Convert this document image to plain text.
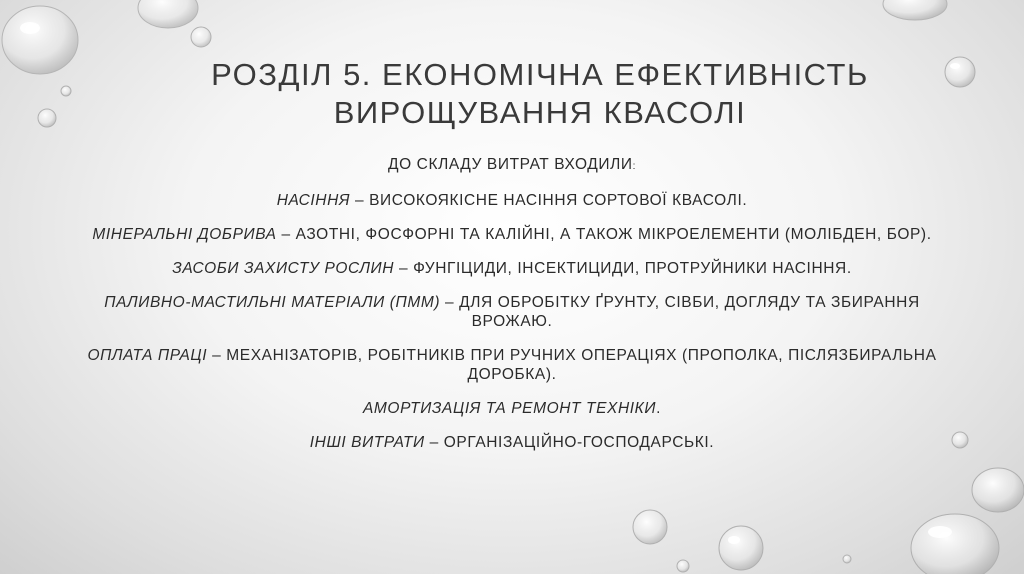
РОЗДІЛ 5. ЕКОНОМІЧНА ЕФЕКТИВНІСТЬ
ВИРОЩУВАННЯ КВАСОЛІ

ДО СКЛАДУ ВИТРАТ ВХОДИЛИ:

НАСІННЯ – ВИСОКОЯКІСНЕ НАСІННЯ СОРТОВОЇ КВАСОЛІ.

МІНЕРАЛЬНІ ДОБРИВА – АЗОТНІ, ФОСФОРНІ ТА КАЛІЙНІ, А ТАКОЖ МІКРОЕЛЕМЕНТИ (МОЛІБДЕН, БОР).

ЗАСОБИ ЗАХИСТУ РОСЛИН – ФУНГІЦИДИ, ІНСЕКТИЦИДИ, ПРОТРУЙНИКИ НАСІННЯ.

ПАЛИВНО-МАСТИЛЬНІ МАТЕРІАЛИ (ПММ) – ДЛЯ ОБРОБІТКУ ҐРУНТУ, СІВБИ, ДОГЛЯДУ ТА ЗБИРАННЯ ВРОЖАЮ.

ОПЛАТА ПРАЦІ – МЕХАНІЗАТОРІВ, РОБІТНИКІВ ПРИ РУЧНИХ ОПЕРАЦІЯХ (ПРОПОЛКА, ПІСЛЯЗБИРАЛЬНА ДОРОБКА).

АМОРТИЗАЦІЯ ТА РЕМОНТ ТЕХНІКИ.

ІНШІ ВИТРАТИ – ОРГАНІЗАЦІЙНО-ГОСПОДАРСЬКІ.
